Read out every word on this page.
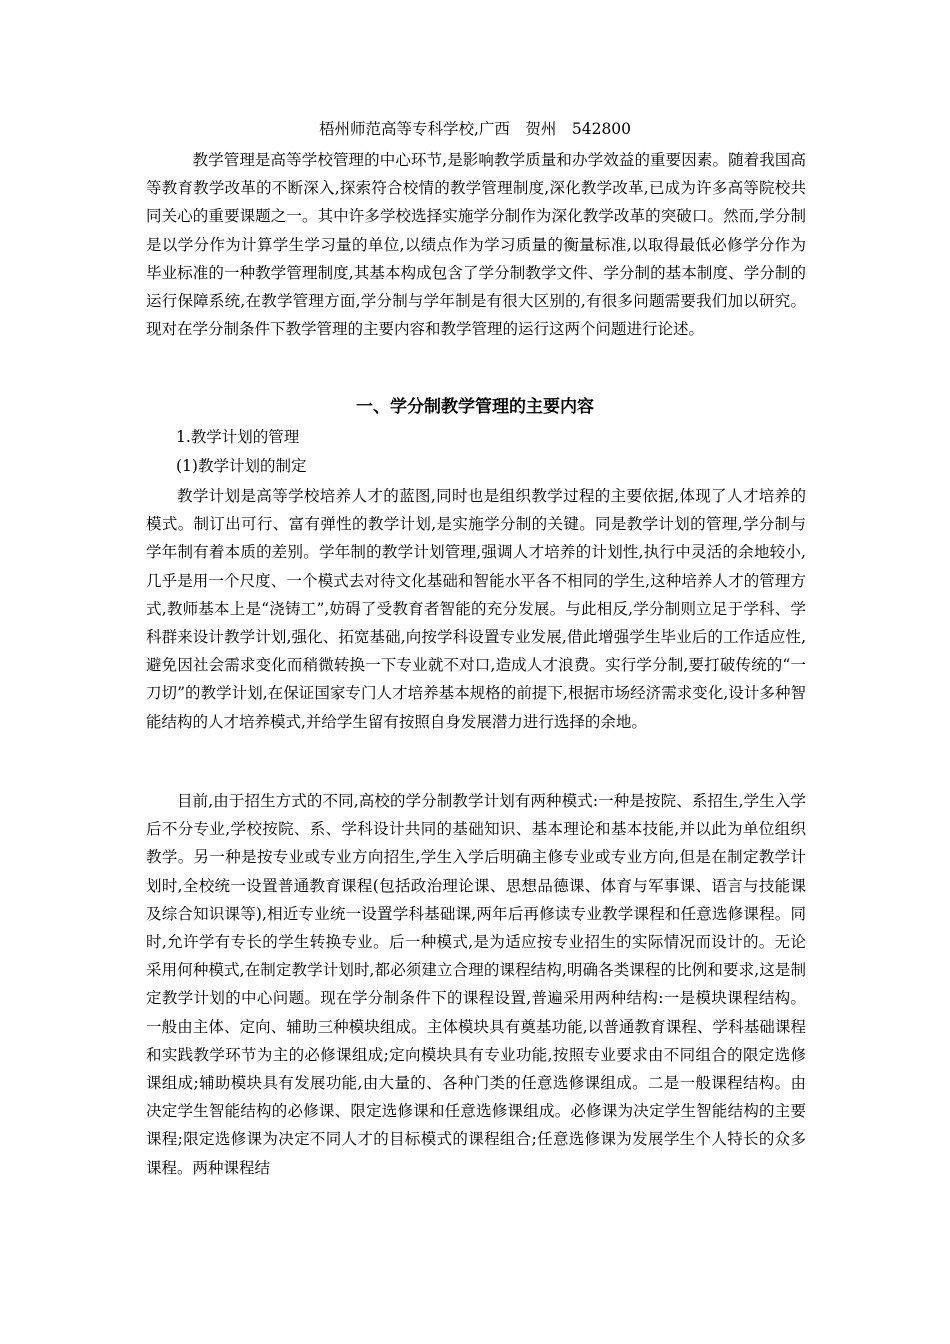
梧州师范高等专科学校,广西　贺州　542800

教学管理是高等学校管理的中心环节,是影响教学质量和办学效益的重要因素。随着我国高等教育教学改革的不断深入,探索符合校情的教学管理制度,深化教学改革,已成为许多高等院校共同关心的重要课题之一。其中许多学校选择实施学分制作为深化教学改革的突破口。然而,学分制是以学分作为计算学生学习量的单位,以绩点作为学习质量的衡量标准,以取得最低必修学分作为毕业标准的一种教学管理制度,其基本构成包含了学分制教学文件、学分制的基本制度、学分制的运行保障系统,在教学管理方面,学分制与学年制是有很大区别的,有很多问题需要我们加以研究。现对在学分制条件下教学管理的主要内容和教学管理的运行这两个问题进行论述。

一、学分制教学管理的主要内容
1.教学计划的管理
(1)教学计划的制定

教学计划是高等学校培养人才的蓝图,同时也是组织教学过程的主要依据,体现了人才培养的模式。制订出可行、富有弹性的教学计划,是实施学分制的关键。同是教学计划的管理,学分制与学年制有着本质的差别。学年制的教学计划管理,强调人才培养的计划性,执行中灵活的余地较小,几乎是用一个尺度、一个模式去对待文化基础和智能水平各不相同的学生,这种培养人才的管理方式,教师基本上是“浇铸工”,妨碍了受教育者智能的充分发展。与此相反,学分制则立足于学科、学科群来设计教学计划,强化、拓宽基础,向按学科设置专业发展,借此增强学生毕业后的工作适应性,避免因社会需求变化而稍微转换一下专业就不对口,造成人才浪费。实行学分制,要打破传统的“一刀切”的教学计划,在保证国家专门人才培养基本规格的前提下,根据市场经济需求变化,设计多种智能结构的人才培养模式,并给学生留有按照自身发展潜力进行选择的余地。

目前,由于招生方式的不同,高校的学分制教学计划有两种模式:一种是按院、系招生,学生入学后不分专业,学校按院、系、学科设计共同的基础知识、基本理论和基本技能,并以此为单位组织教学。另一种是按专业或专业方向招生,学生入学后明确主修专业或专业方向,但是在制定教学计划时,全校统一设置普通教育课程(包括政治理论课、思想品德课、体育与军事课、语言与技能课及综合知识课等),相近专业统一设置学科基础课,两年后再修读专业教学课程和任意选修课程。同时,允许学有专长的学生转换专业。后一种模式,是为适应按专业招生的实际情况而设计的。无论采用何种模式,在制定教学计划时,都必须建立合理的课程结构,明确各类课程的比例和要求,这是制定教学计划的中心问题。现在学分制条件下的课程设置,普遍采用两种结构:一是模块课程结构。一般由主体、定向、辅助三种模块组成。主体模块具有奠基功能,以普通教育课程、学科基础课程和实践教学环节为主的必修课组成;定向模块具有专业功能,按照专业要求由不同组合的限定选修课组成;辅助模块具有发展功能,由大量的、各种门类的任意选修课组成。二是一般课程结构。由决定学生智能结构的必修课、限定选修课和任意选修课组成。必修课为决定学生智能结构的主要课程;限定选修课为决定不同人才的目标模式的课程组合;任意选修课为发展学生个人特长的众多课程。两种课程结
